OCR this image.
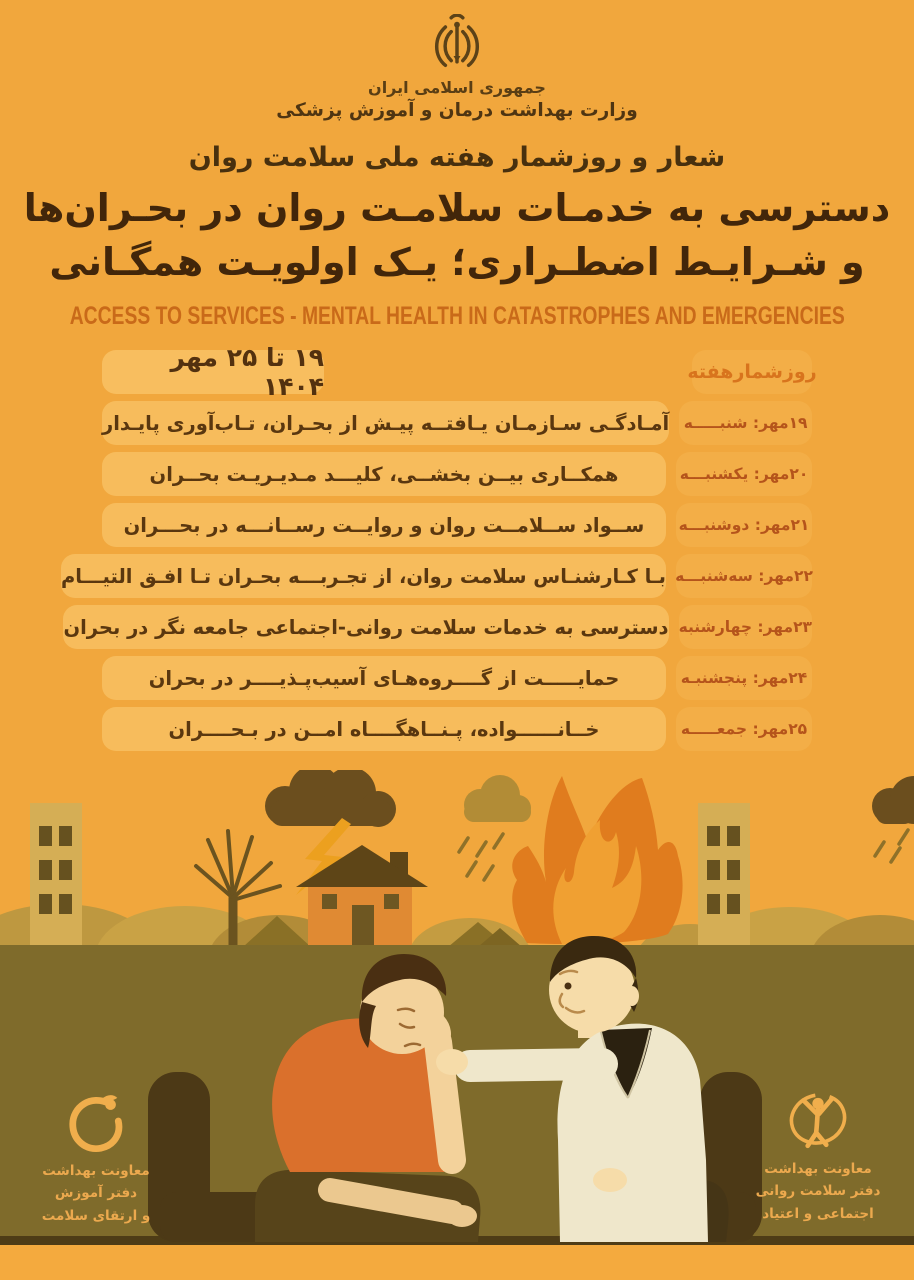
جمهوری اسلامی ایران
وزارت بهداشت درمان و آموزش پزشکی
شعار و روزشمار هفته ملی سلامت روان
دسترسی به خدمـات سلامـت روان در بحـران‌ها
و شـرایـط اضطـراری؛ یـک اولویـت همگـانی
ACCESS TO SERVICES - MENTAL HEALTH IN CATASTROPHES AND EMERGENCIES
روزشمارهفته
۱۹ تا ۲۵ مهر ۱۴۰۴
۱۹مهر: شنبـــــه
آمـادگـی سـازمـان یـافتــه پیـش از بحـران، تـاب‌آوری پایـدار
۲۰مهر: یکشنبـــه
همکــاری بیــن بخشــی، کلیـــد مـدیـریـت بحــران
۲۱مهر: دوشنبـــه
ســواد ســلامــت روان و روایــت رســانـــه در بحـــران
۲۲مهر: سه‌شنبـــه
بـا کـارشنـاس سلامت روان، از تجـربـــه بحـران تـا افـق التیـــام
۲۳مهر: چهارشنبه
دسترسی به خدمات سلامت روانی-اجتماعی جامعه نگر در بحران
۲۴مهر: پنجشنبـه
حمایـــــت از گــــروه‌هـای آسیب‌پـذیــــر در بحران
۲۵مهر: جمعـــــه
خــانــــــواده، پـنــاهگــــاه امــن در بـحــــران
معاونت بهداشت
دفتر آموزش
و ارتقای سلامت
معاونت بهداشت
دفتر سلامت روانی
اجتماعی و اعتیاد
